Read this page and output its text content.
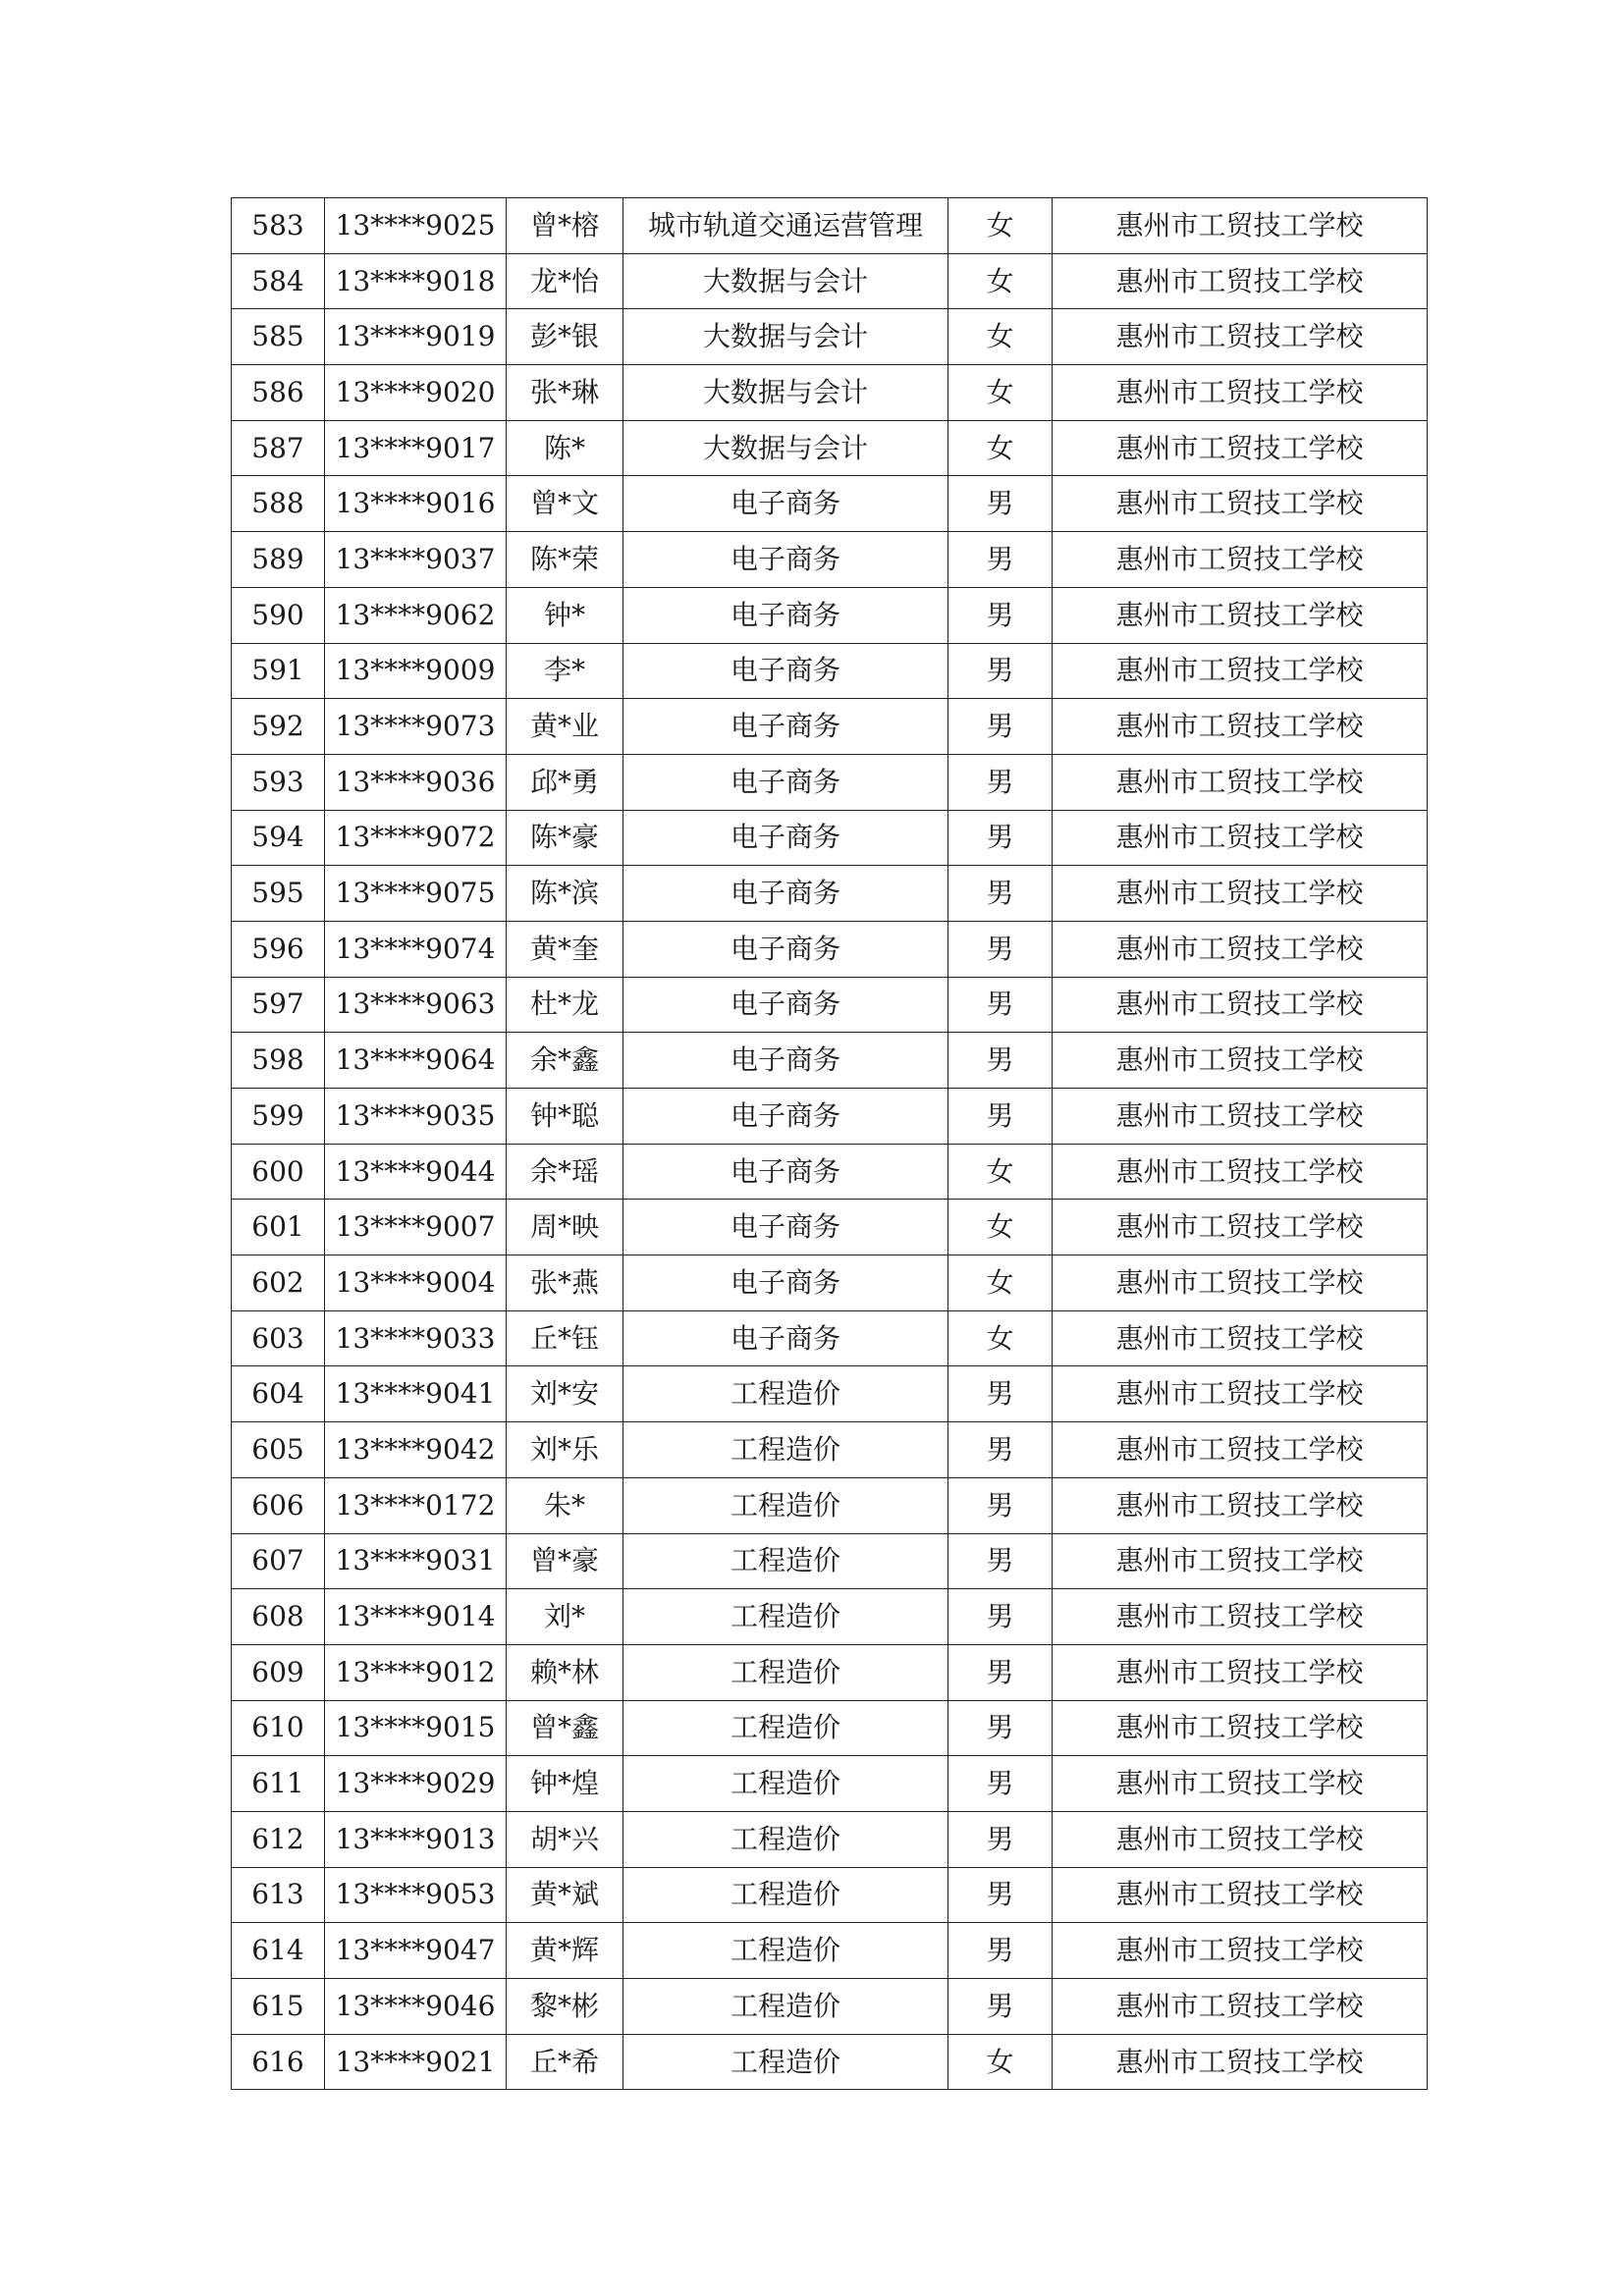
583	13****9025	曾*榕	城市轨道交通运营管理	女	惠州市工贸技工学校
584	13****9018	龙*怡	大数据与会计	女	惠州市工贸技工学校
585	13****9019	彭*银	大数据与会计	女	惠州市工贸技工学校
586	13****9020	张*琳	大数据与会计	女	惠州市工贸技工学校
587	13****9017	陈*	大数据与会计	女	惠州市工贸技工学校
588	13****9016	曾*文	电子商务	男	惠州市工贸技工学校
589	13****9037	陈*荣	电子商务	男	惠州市工贸技工学校
590	13****9062	钟*	电子商务	男	惠州市工贸技工学校
591	13****9009	李*	电子商务	男	惠州市工贸技工学校
592	13****9073	黄*业	电子商务	男	惠州市工贸技工学校
593	13****9036	邱*勇	电子商务	男	惠州市工贸技工学校
594	13****9072	陈*豪	电子商务	男	惠州市工贸技工学校
595	13****9075	陈*滨	电子商务	男	惠州市工贸技工学校
596	13****9074	黄*奎	电子商务	男	惠州市工贸技工学校
597	13****9063	杜*龙	电子商务	男	惠州市工贸技工学校
598	13****9064	余*鑫	电子商务	男	惠州市工贸技工学校
599	13****9035	钟*聪	电子商务	男	惠州市工贸技工学校
600	13****9044	余*瑶	电子商务	女	惠州市工贸技工学校
601	13****9007	周*映	电子商务	女	惠州市工贸技工学校
602	13****9004	张*燕	电子商务	女	惠州市工贸技工学校
603	13****9033	丘*钰	电子商务	女	惠州市工贸技工学校
604	13****9041	刘*安	工程造价	男	惠州市工贸技工学校
605	13****9042	刘*乐	工程造价	男	惠州市工贸技工学校
606	13****0172	朱*	工程造价	男	惠州市工贸技工学校
607	13****9031	曾*豪	工程造价	男	惠州市工贸技工学校
608	13****9014	刘*	工程造价	男	惠州市工贸技工学校
609	13****9012	赖*林	工程造价	男	惠州市工贸技工学校
610	13****9015	曾*鑫	工程造价	男	惠州市工贸技工学校
611	13****9029	钟*煌	工程造价	男	惠州市工贸技工学校
612	13****9013	胡*兴	工程造价	男	惠州市工贸技工学校
613	13****9053	黄*斌	工程造价	男	惠州市工贸技工学校
614	13****9047	黄*辉	工程造价	男	惠州市工贸技工学校
615	13****9046	黎*彬	工程造价	男	惠州市工贸技工学校
616	13****9021	丘*希	工程造价	女	惠州市工贸技工学校
